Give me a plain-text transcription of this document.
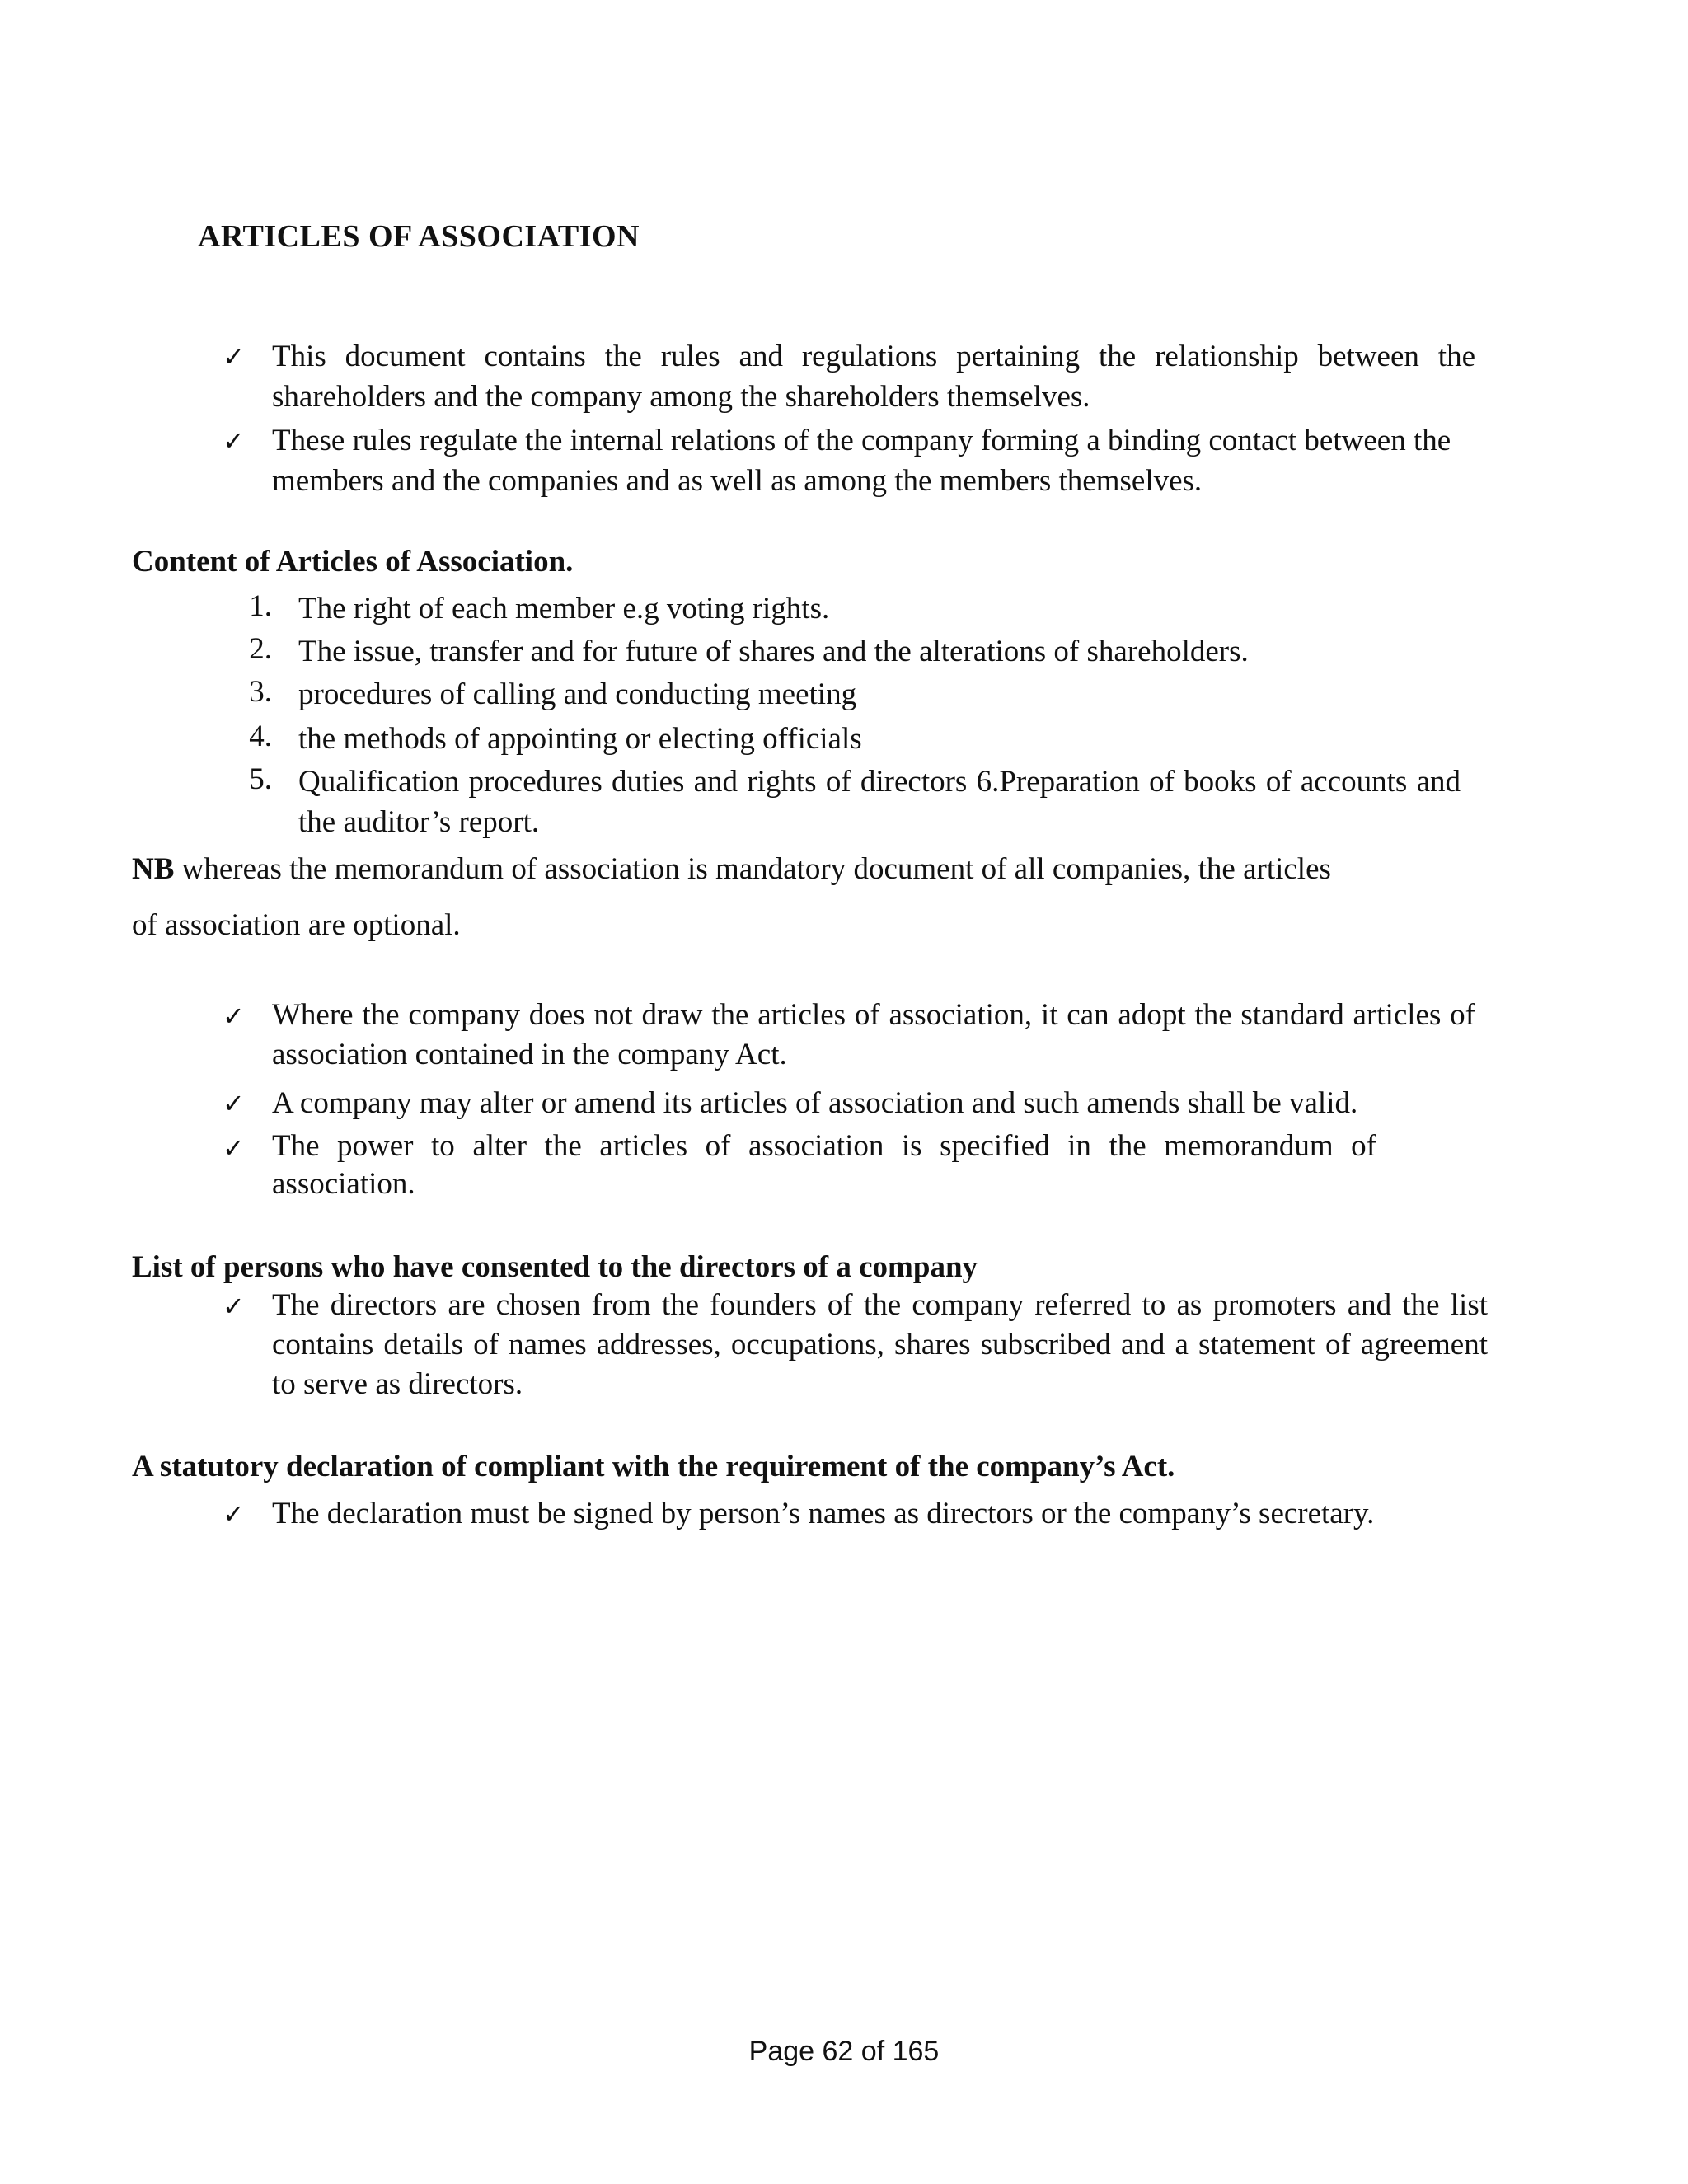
ARTICLES OF ASSOCIATION
✓ This document contains the rules and regulations pertaining the relationship between the shareholders and the company among the shareholders themselves.
✓ These rules regulate the internal relations of the company forming a binding contact between the members and the companies and as well as among the members themselves.
Content of Articles of Association.
1. The right of each member e.g voting rights.
2. The issue, transfer and for future of shares and the alterations of shareholders.
3. procedures of calling and conducting meeting
4. the methods of appointing or electing officials
5. Qualification procedures duties and rights of directors 6.Preparation of books of accounts and the auditor’s report.
NB whereas the memorandum of association is mandatory document of all companies, the articles
of association are optional.
✓ Where the company does not draw the articles of association, it can adopt the standard articles of association contained in the company Act.
✓ A company may alter or amend its articles of association and such amends shall be valid.
✓ The power to alter the articles of association is specified in the memorandum of association.
List of persons who have consented to the directors of a company
✓ The directors are chosen from the founders of the company referred to as promoters and the list contains details of names addresses, occupations, shares subscribed and a statement of agreement to serve as directors.
A statutory declaration of compliant with the requirement of the company’s Act.
✓ The declaration must be signed by person’s names as directors or the company’s secretary.
Page 62 of 165
